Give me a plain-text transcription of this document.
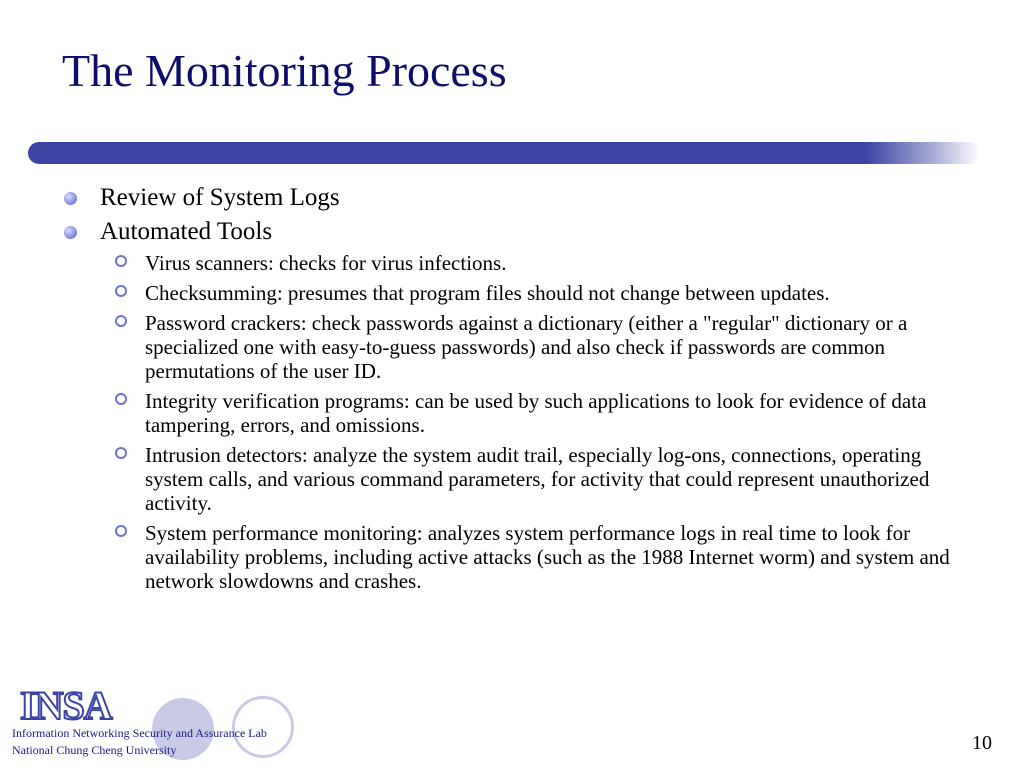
The Monitoring Process
Review of System Logs
Automated Tools
Virus scanners: checks for virus infections.
Checksumming: presumes that program files should not change between updates.
Password crackers: check passwords against a dictionary (either a "regular" dictionary or a specialized one with easy-to-guess passwords) and also check if passwords are common permutations of the user ID.
Integrity verification programs: can be used by such applications to look for evidence of data tampering, errors, and omissions.
Intrusion detectors: analyze the system audit trail, especially log-ons, connections, operating system calls, and various command parameters, for activity that could represent unauthorized activity.
System performance monitoring: analyzes system performance logs in real time to look for availability problems, including active attacks (such as the 1988 Internet worm) and system and network slowdowns and crashes.
INSA
Information Networking Security and Assurance Lab
National Chung Cheng University	10
